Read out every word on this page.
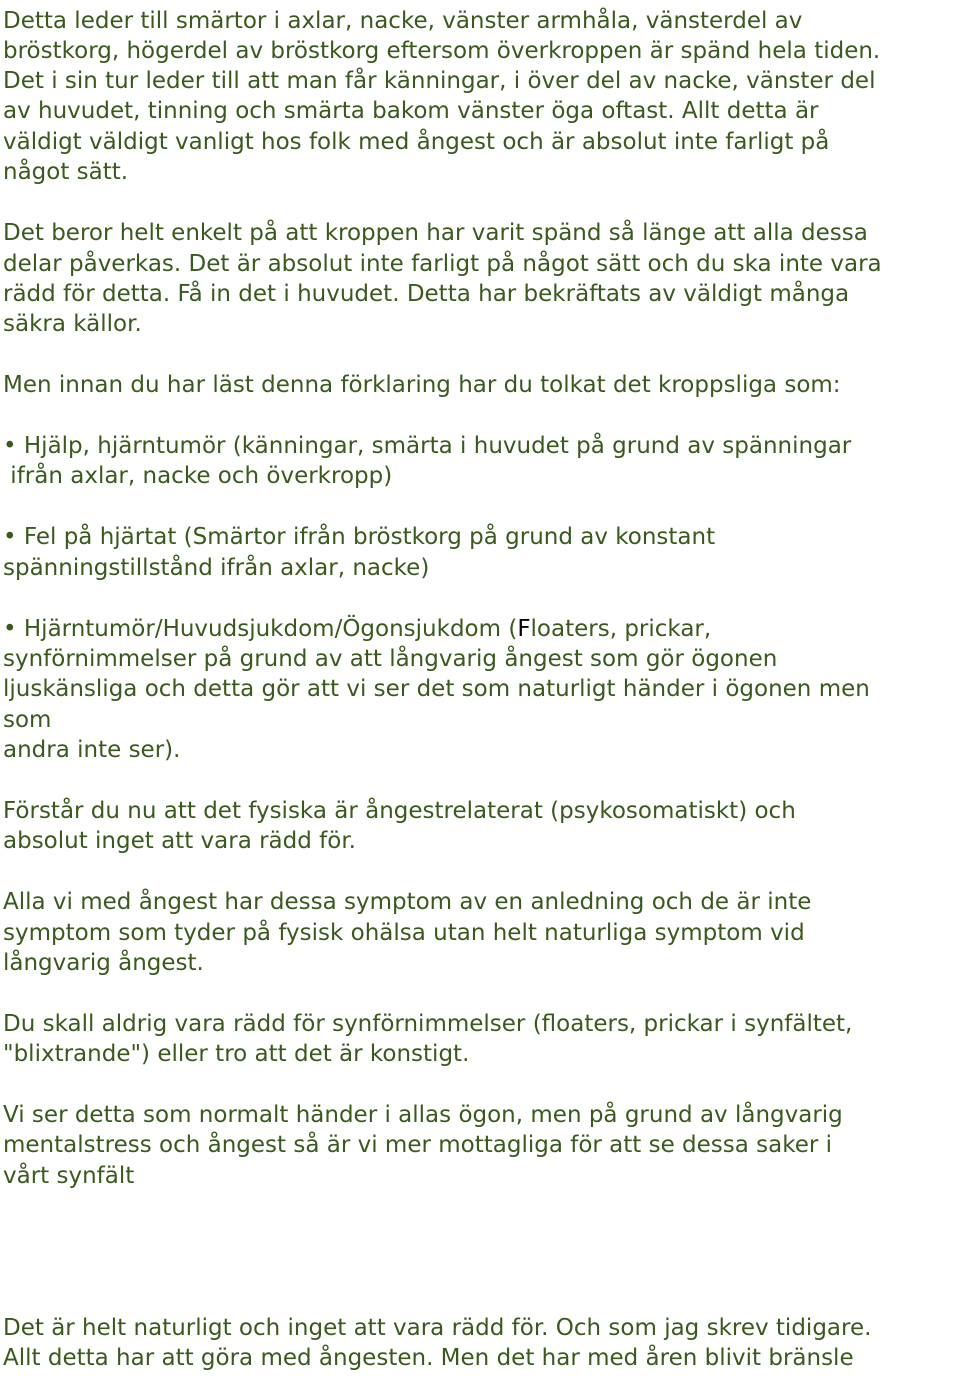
Detta leder till smärtor i axlar, nacke, vänster armhåla, vänsterdel av

bröstkorg, högerdel av bröstkorg eftersom överkroppen är spänd hela tiden.

Det i sin tur leder till att man får känningar, i över del av nacke, vänster del

av huvudet, tinning och smärta bakom vänster öga oftast. Allt detta är

väldigt väldigt vanligt hos folk med ångest och är absolut inte farligt på

något sätt.

Det beror helt enkelt på att kroppen har varit spänd så länge att alla dessa

delar påverkas. Det är absolut inte farligt på något sätt och du ska inte vara

rädd för detta. Få in det i huvudet. Detta har bekräftats av väldigt många

säkra källor.

Men innan du har läst denna förklaring har du tolkat det kroppsliga som:

• Hjälp, hjärntumör (känningar, smärta i huvudet på grund av spänningar

ifrån axlar, nacke och överkropp)

• Fel på hjärtat (Smärtor ifrån bröstkorg på grund av konstant

spänningstillstånd ifrån axlar, nacke)

• Hjärntumör/Huvudsjukdom/Ögonsjukdom (Floaters, prickar,

synförnimmelser på grund av att långvarig ångest som gör ögonen

ljuskänsliga och detta gör att vi ser det som naturligt händer i ögonen men

som

andra inte ser).

Förstår du nu att det fysiska är ångestrelaterat (psykosomatiskt) och

absolut inget att vara rädd för.

Alla vi med ångest har dessa symptom av en anledning och de är inte

symptom som tyder på fysisk ohälsa utan helt naturliga symptom vid

långvarig ångest.

Du skall aldrig vara rädd för synförnimmelser (floaters, prickar i synfältet,

"blixtrande") eller tro att det är konstigt.

Vi ser detta som normalt händer i allas ögon, men på grund av långvarig

mentalstress och ångest så är vi mer mottagliga för att se dessa saker i

vårt synfält

Det är helt naturligt och inget att vara rädd för. Och som jag skrev tidigare.

Allt detta har att göra med ångesten. Men det har med åren blivit bränsle
